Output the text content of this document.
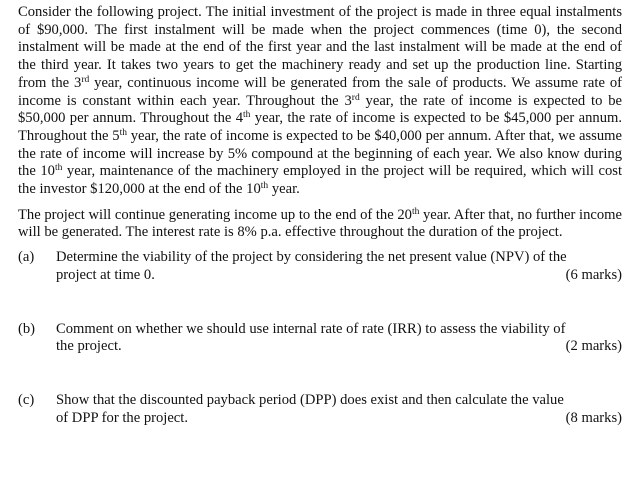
Consider the following project. The initial investment of the project is made in three equal instalments of $90,000. The first instalment will be made when the project commences (time 0), the second instalment will be made at the end of the first year and the last instalment will be made at the end of the third year. It takes two years to get the machinery ready and set up the production line. Starting from the 3rd year, continuous income will be generated from the sale of products. We assume rate of income is constant within each year. Throughout the 3rd year, the rate of income is expected to be $50,000 per annum. Throughout the 4th year, the rate of income is expected to be $45,000 per annum. Throughout the 5th year, the rate of income is expected to be $40,000 per annum. After that, we assume the rate of income will increase by 5% compound at the beginning of each year. We also know during the 10th year, maintenance of the machinery employed in the project will be required, which will cost the investor $120,000 at the end of the 10th year.

The project will continue generating income up to the end of the 20th year. After that, no further income will be generated. The interest rate is 8% p.a. effective throughout the duration of the project.

(a) Determine the viability of the project by considering the net present value (NPV) of the
project at time 0.	(6 marks)
(b) Comment on whether we should use internal rate of rate (IRR) to assess the viability of
the project.	(2 marks)
(c) Show that the discounted payback period (DPP) does exist and then calculate the value
of DPP for the project.	(8 marks)
